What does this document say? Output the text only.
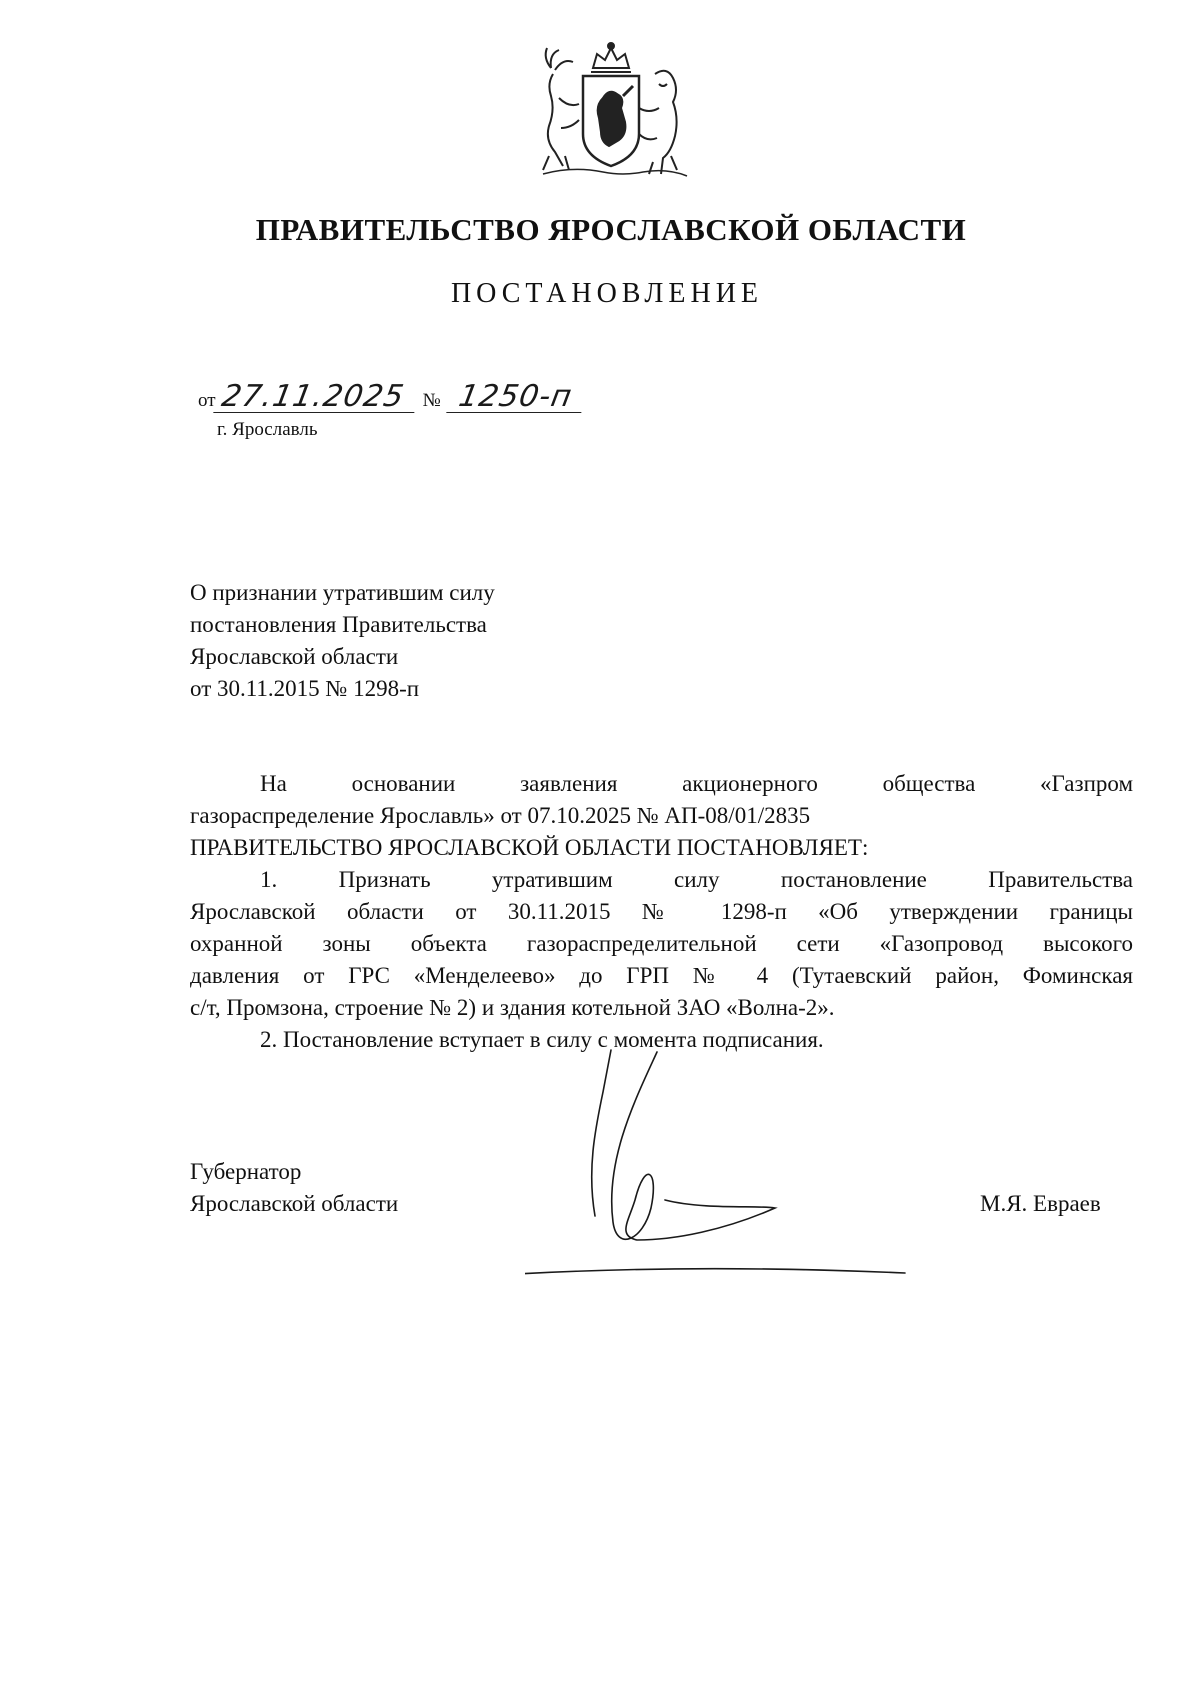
ПРАВИТЕЛЬСТВО ЯРОСЛАВСКОЙ ОБЛАСТИ
ПОСТАНОВЛЕНИЕ
от 27.11.2025 № 1250-п
г. Ярославль
О признании утратившим силу
постановления Правительства
Ярославской области
от 30.11.2015 № 1298-п
На основании заявления акционерного общества «Газпром
газораспределение Ярославль» от 07.10.2025 № АП-08/01/2835
ПРАВИТЕЛЬСТВО ЯРОСЛАВСКОЙ ОБЛАСТИ ПОСТАНОВЛЯЕТ:
1. Признать утратившим силу постановление Правительства
Ярославской области от 30.11.2015 № 1298-п «Об утверждении границы
охранной зоны объекта газораспределительной сети «Газопровод высокого
давления от ГРС «Менделеево» до ГРП № 4 (Тутаевский район, Фоминская
с/т, Промзона, строение № 2) и здания котельной ЗАО «Волна-2».
2. Постановление вступает в силу с момента подписания.
Губернатор
Ярославской области	М.Я. Евраев
